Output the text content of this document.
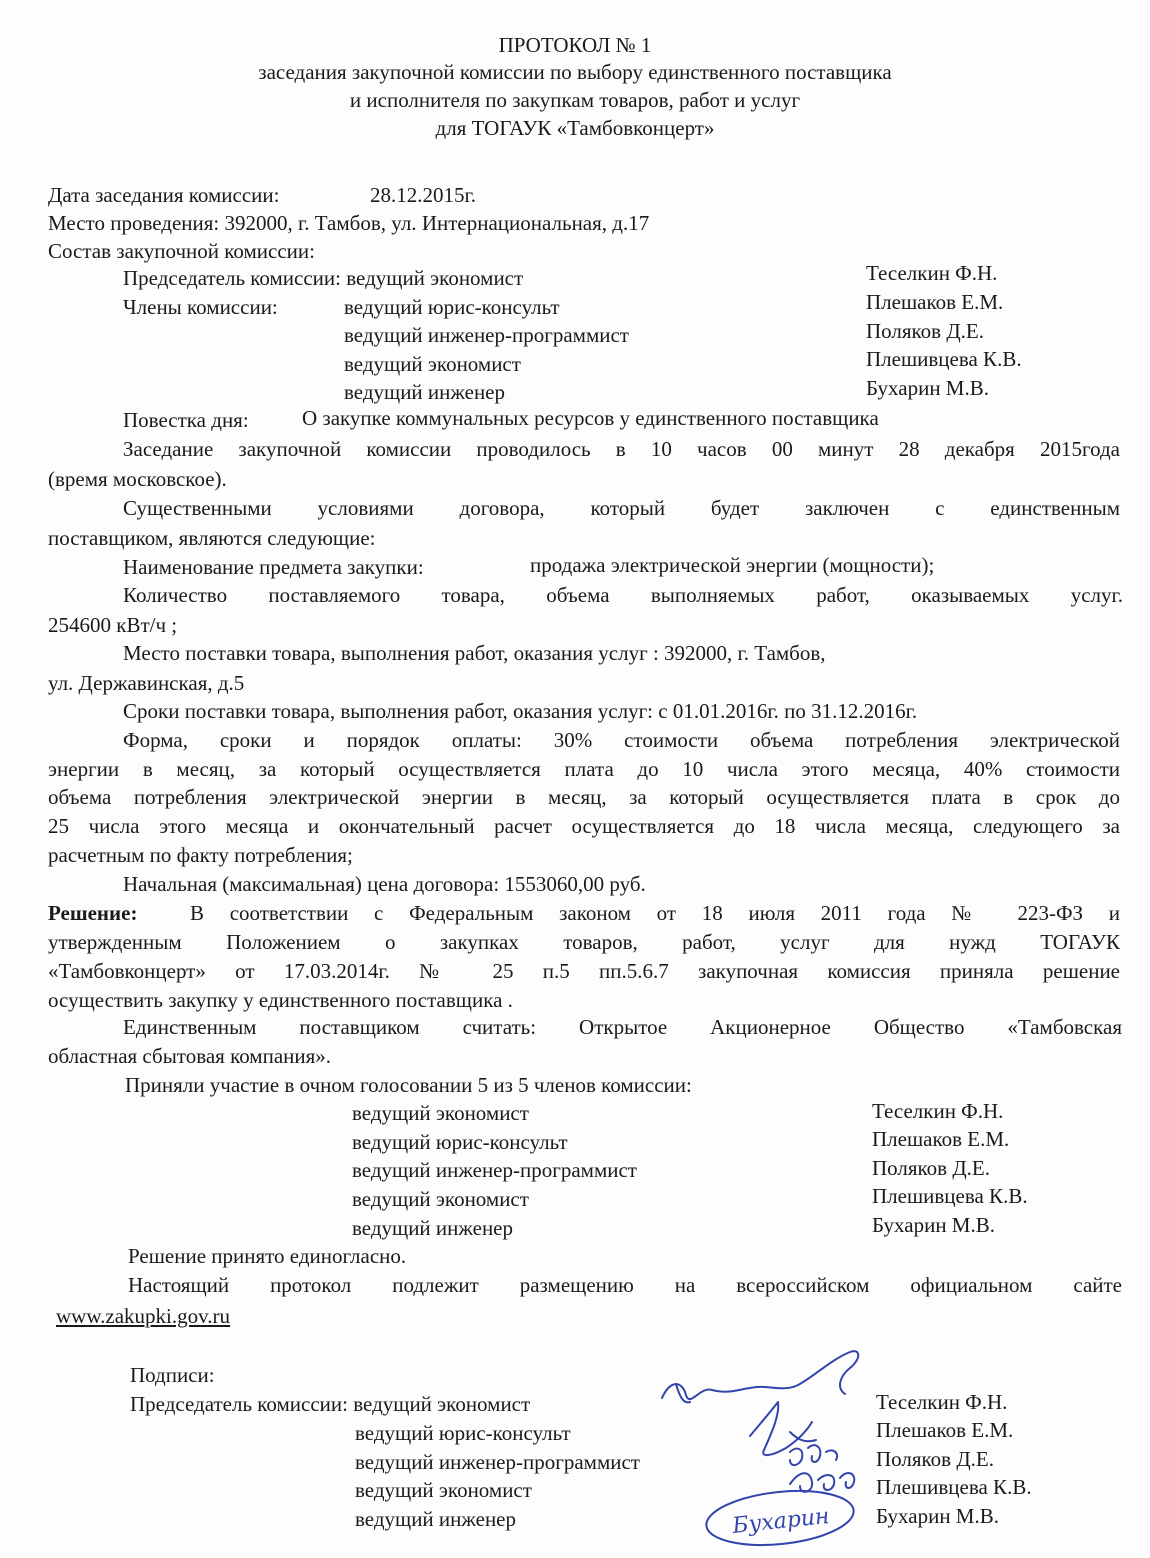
ПРОТОКОЛ № 1
заседания закупочной комиссии по выбору единственного поставщика
и исполнителя по закупкам товаров, работ и услуг
для ТОГАУК «Тамбовконцерт»
Дата заседания комиссии:	28.12.2015г.
Место проведения: 392000, г. Тамбов, ул. Интернациональная, д.17
Состав закупочной комиссии:
Председатель комиссии: ведущий экономист	Теселкин Ф.Н.
Члены комиссии:	ведущий юрис-консульт	Плешаков Е.М.
ведущий инженер-программист	Поляков Д.Е.
ведущий экономист	Плешивцева К.В.
ведущий инженер	Бухарин М.В.
Повестка дня:	О закупке коммунальных ресурсов у единственного поставщика
Заседание закупочной комиссии проводилось в 10 часов 00 минут 28 декабря 2015года
(время московское).
Существенными условиями договора, который будет заключен с единственным
поставщиком, являются следующие:
Наименование предмета закупки:	продажа электрической энергии (мощности);
Количество поставляемого товара, объема выполняемых работ, оказываемых услуг.
254600 кВт/ч ;
Место поставки товара, выполнения работ, оказания услуг : 392000, г. Тамбов,
ул. Державинская, д.5
Сроки поставки товара, выполнения работ, оказания услуг: с 01.01.2016г. по 31.12.2016г.
Форма, сроки и порядок оплаты: 30% стоимости объема потребления электрической
энергии в месяц, за который осуществляется плата до 10 числа этого месяца, 40% стоимости
объема потребления электрической энергии в месяц, за который осуществляется плата в срок до
25 числа этого месяца и окончательный расчет осуществляется до 18 числа месяца, следующего за
расчетным по факту потребления;
Начальная (максимальная) цена договора: 1553060,00 руб.
Решение:	В соответствии с Федеральным законом от 18 июля 2011 года № 223-ФЗ и
утвержденным Положением о закупках товаров, работ, услуг для нужд ТОГАУК
«Тамбовконцерт» от 17.03.2014г. № 25 п.5 пп.5.6.7 закупочная комиссия приняла решение
осуществить закупку у единственного поставщика .
Единственным поставщиком считать: Открытое Акционерное Общество «Тамбовская
областная сбытовая компания».
Приняли участие в очном голосовании 5 из 5 членов комиссии:
ведущий экономист	Теселкин Ф.Н.
ведущий юрис-консульт	Плешаков Е.М.
ведущий инженер-программист	Поляков Д.Е.
ведущий экономист	Плешивцева К.В.
ведущий инженер	Бухарин М.В.
Решение принято единогласно.
Настоящий протокол подлежит размещению на всероссийском официальном сайте
www.zakupki.gov.ru
Подписи:
Председатель комиссии: ведущий экономист	Теселкин Ф.Н.
ведущий юрис-консульт	Плешаков Е.М.
ведущий инженер-программист	Поляков Д.Е.
ведущий экономист	Плешивцева К.В.
ведущий инженер	Бухарин М.В.
Бухарин
